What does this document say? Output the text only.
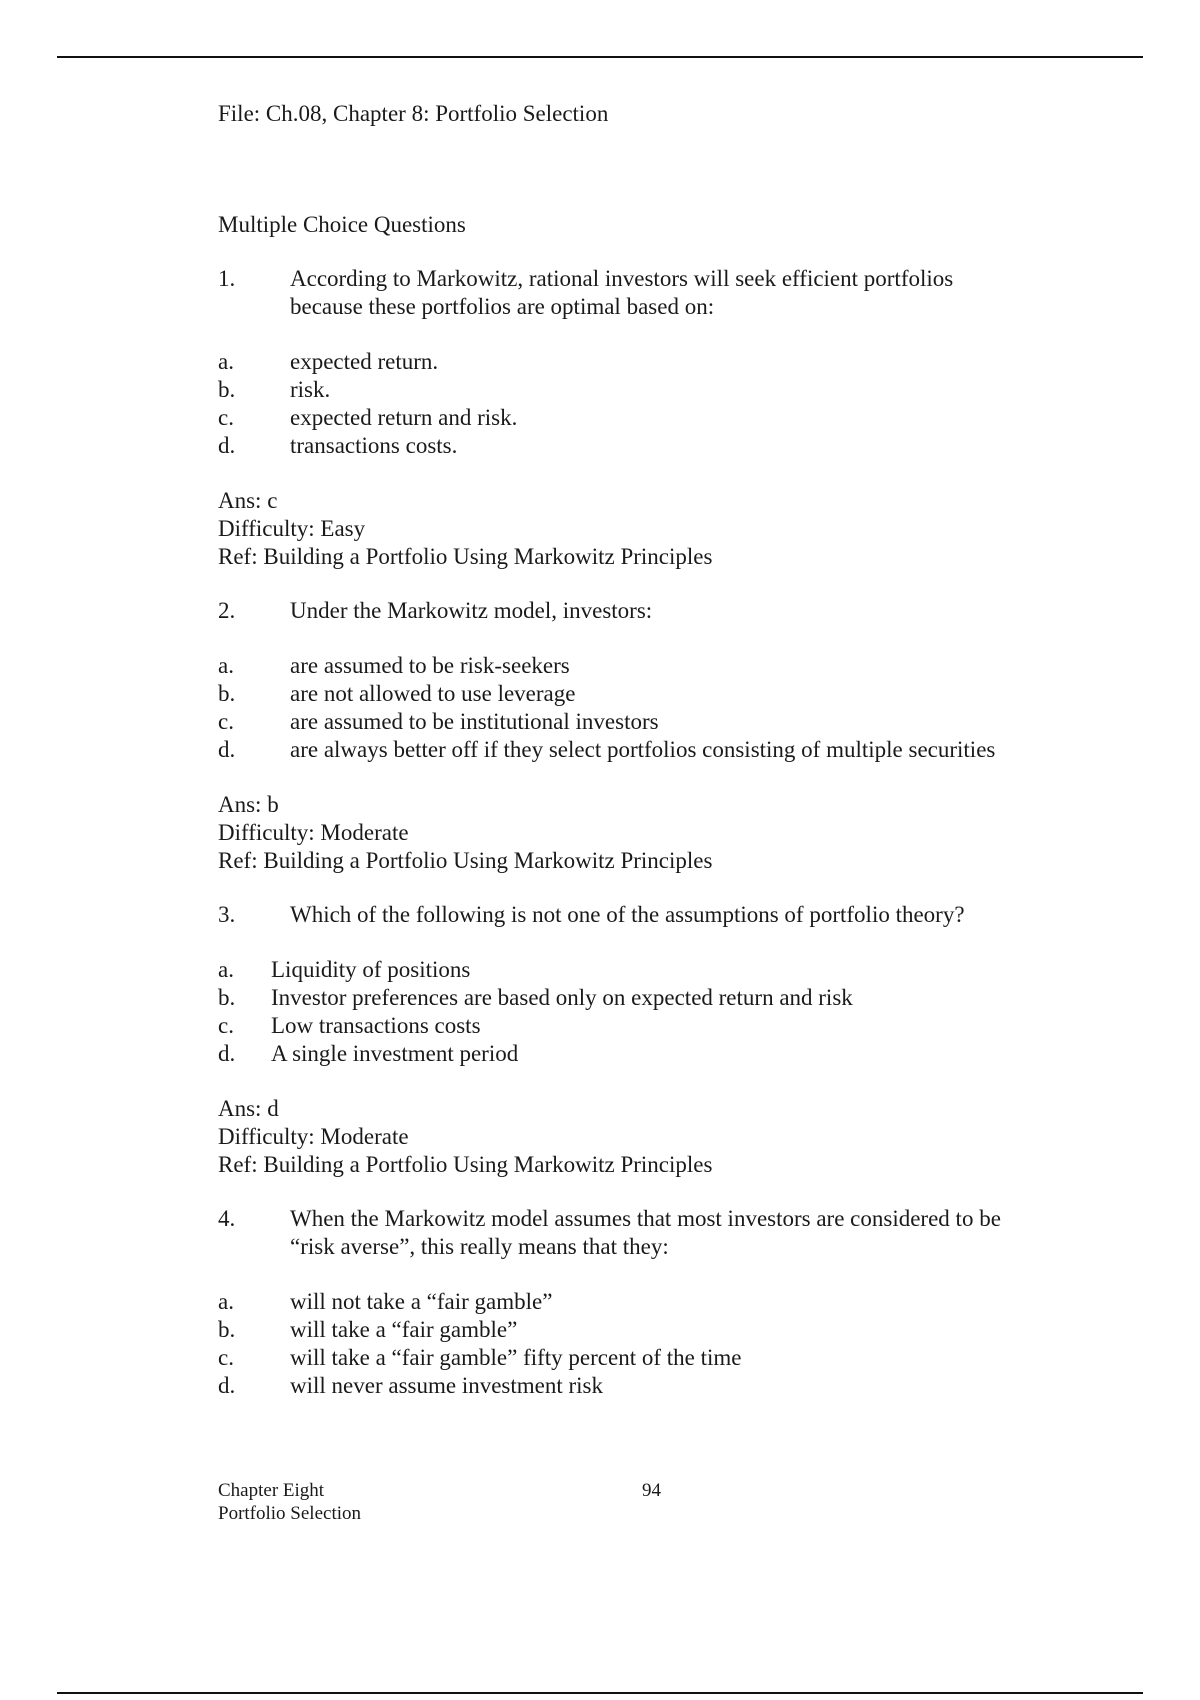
File: Ch.08, Chapter 8: Portfolio Selection

Multiple Choice Questions

1.	According to Markowitz, rational investors will seek efficient portfolios
because these portfolios are optimal based on:
a.	expected return.
b.	risk.
c.	expected return and risk.
d.	transactions costs.
Ans: c
Difficulty: Easy
Ref: Building a Portfolio Using Markowitz Principles
2.	Under the Markowitz model, investors:
a.	are assumed to be risk-seekers
b.	are not allowed to use leverage
c.	are assumed to be institutional investors
d.	are always better off if they select portfolios consisting of multiple securities
Ans: b
Difficulty: Moderate
Ref: Building a Portfolio Using Markowitz Principles
3.	Which of the following is not one of the assumptions of portfolio theory?
a.	Liquidity of positions
b.	Investor preferences are based only on expected return and risk
c.	Low transactions costs
d.	A single investment period
Ans: d
Difficulty: Moderate
Ref: Building a Portfolio Using Markowitz Principles
4.	When the Markowitz model assumes that most investors are considered to be
“risk averse”, this really means that they:
a.	will not take a “fair gamble”
b.	will take a “fair gamble”
c.	will take a “fair gamble” fifty percent of the time
d.	will never assume investment risk
Chapter Eight
Portfolio Selection
94
